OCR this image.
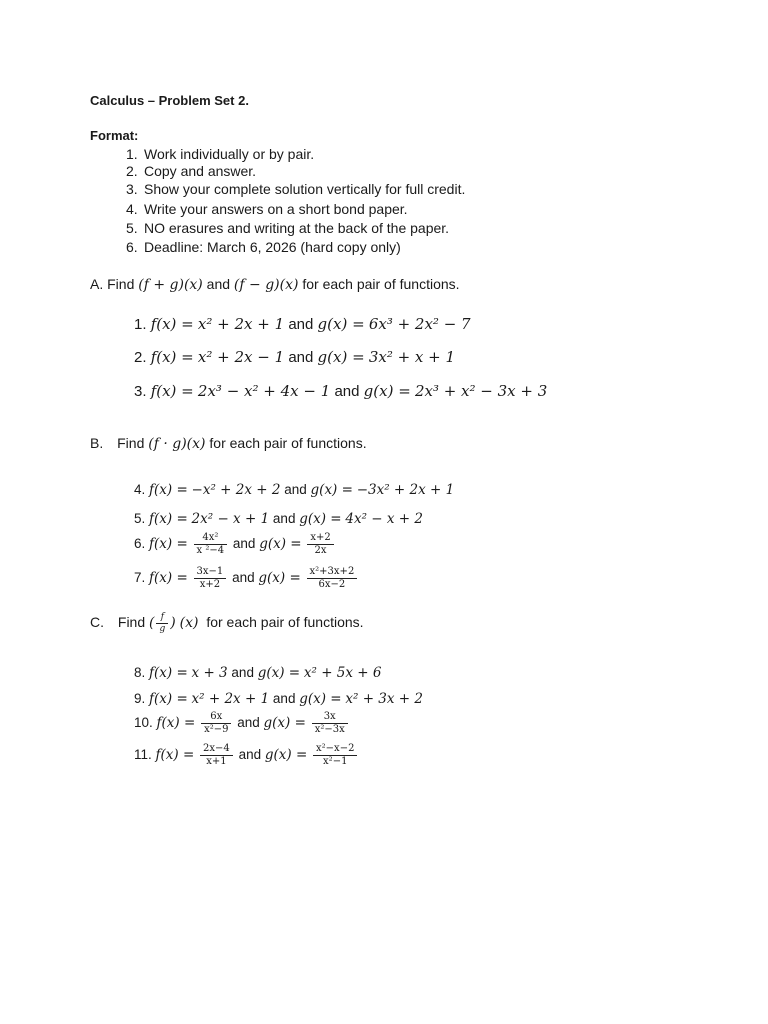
Calculus – Problem Set 2.
Format:
1. Work individually or by pair.
2. Copy and answer.
3. Show your complete solution vertically for full credit.
4. Write your answers on a short bond paper.
5. NO erasures and writing at the back of the paper.
6. Deadline: March 6, 2026 (hard copy only)
A. Find (f + g)(x) and (f − g)(x) for each pair of functions.
1. f(x) = x² + 2x + 1 and g(x) = 6x³ + 2x² − 7
2. f(x) = x² + 2x − 1 and g(x) = 3x² + x + 1
3. f(x) = 2x³ − x² + 4x − 1 and g(x) = 2x³ + x² − 3x + 3
B. Find (f · g)(x) for each pair of functions.
4. f(x) = −x² + 2x + 2 and g(x) = −3x² + 2x + 1
5. f(x) = 2x² − x + 1 and g(x) = 4x² − x + 2
6. $f(x) = \frac{\text{4x²}}{\text{x ²−4}}$ and $g(x) = \frac{x+2}{2x}$
7. $f(x) = \frac{3x-1}{x+2}$ and $g(x) = \frac{\text{x²+3x+2}}{6x-2}$
C. Find ( $\frac{f}{g}$ ) (x) for each pair of functions.
8. f(x) = x + 3 and g(x) = x² + 5x + 6
9. f(x) = x² + 2x + 1 and g(x) = x² + 3x + 2
10. $f(x) = \frac{6x}{\text{x²−9}}$ and $g(x) = \frac{3x}{\text{x²−3x}}$
11. $f(x) = \frac{2x-4}{x+1}$ and $g(x) = \frac{\text{x²−x−2}}{\text{x²−1}}$
